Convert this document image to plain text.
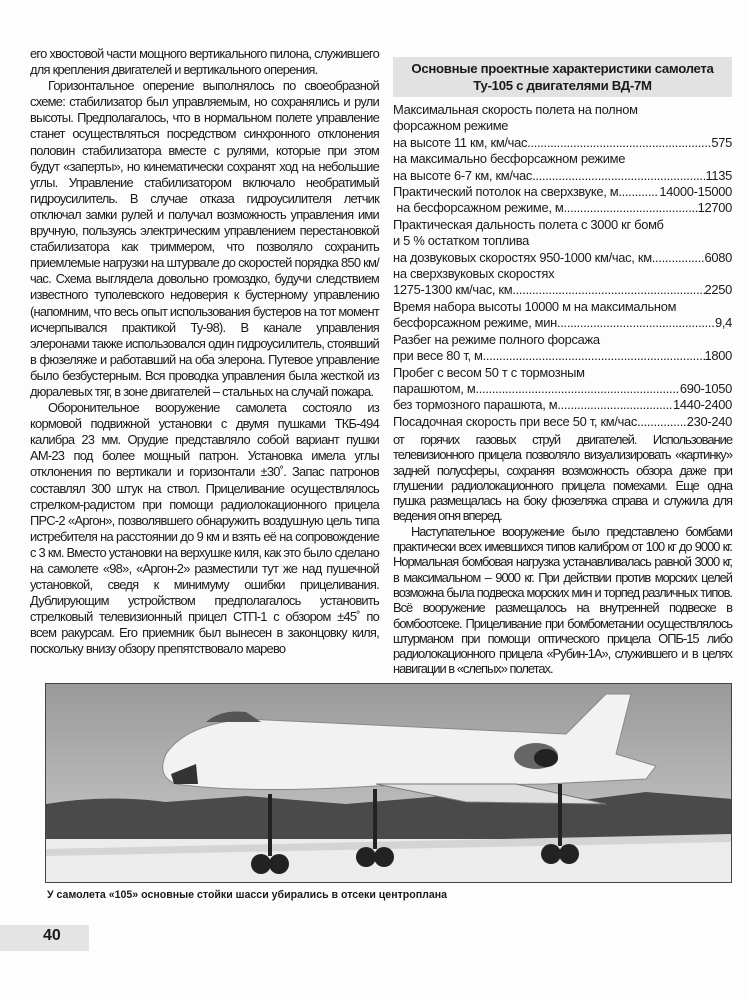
его хвостовой части мощного вертикального пилона, служившего для крепления двигателей и вертикального оперения.

Горизонтальное оперение выполнялось по своеобразной схеме: стабилизатор был управляемым, но сохранялись и рули высоты. Предполагалось, что в нормальном полете управление станет осуществляться посредством синхронного отклонения половин стабилизатора вместе с рулями, которые при этом будут «заперты», но кинематически сохранят ход на небольшие углы. Управление стабилизатором включало необратимый гидроусилитель. В случае отказа гидроусилителя летчик отключал замки рулей и получал возможность управления ими вручную, пользуясь электрическим управлением перестановкой стабилизатора как триммером, что позволяло сохранить приемлемые нагрузки на штурвале до скоростей порядка 850 км/час. Схема выглядела довольно громоздко, будучи следствием известного туполевского недоверия к бустерному управлению (напомним, что весь опыт использования бустеров на тот момент исчерпывался практикой Ту-98). В канале управления элеронами также использовался один гидроусилитель, стоявший в фюзеляже и работавший на оба элерона. Путевое управление было безбустерным. Вся проводка управления была жесткой из дюралевых тяг, в зоне двигателей – стальных на случай пожара.

Оборонительное вооружение самолета состояло из кормовой подвижной установки с двумя пушками ТКБ-494 калибра 23 мм. Орудие представляло собой вариант пушки АМ-23 под более мощный патрон. Установка имела углы отклонения по вертикали и горизонтали ±30˚. Запас патронов составлял 300 штук на ствол. Прицеливание осуществлялось стрелком-радистом при помощи радиолокационного прицела ПРС-2 «Аргон», позволявшего обнаружить воздушную цель типа истребителя на расстоянии до 9 км и взять её на сопровождение с 3 км. Вместо установки на верхушке киля, как это было сделано на самолете «98», «Аргон-2» разместили тут же над пушечной установкой, сведя к минимуму ошибки прицеливания. Дублирующим устройством предполагалось установить стрелковый телевизионный прицел СТП-1 с обзором ±45˚ по всем ракурсам. Его приемник был вынесен в законцовку киля, поскольку внизу обзору препятствовало марево

Основные проектные характеристики самолета
Ту-105 с двигателями ВД-7М
Максимальная скорость полета на полном
форсажном режиме
на высоте 11 км, км/час .....	575
на максимально бесфорсажном режиме
на высоте 6-7 км, км/час .....	1135
Практический потолок на сверхзвуке, м .....	14000-15000
на бесфорсажном режиме, м .....	12700
Практическая дальность полета с 3000 кг бомб
и 5 % остатком топлива
на дозвуковых скоростях 950-1000 км/час, км .....	6080
на сверхзвуковых скоростях
1275-1300 км/час, км .....	2250
Время набора высоты 10000 м на максимальном
бесфорсажном режиме, мин .....	9,4
Разбег на режиме полного форсажа
при весе 80 т, м .....	1800
Пробег с весом 50 т с тормозным
парашютом, м .....	690-1050
без тормозного парашюта, м .....	1440-2400
Посадочная скорость при весе 50 т, км/час .....	230-240

от горячих газовых струй двигателей. Использование телевизионного прицела позволяло визуализировать «картинку» задней полусферы, сохраняя возможность обзора даже при глушении радиолокационного прицела помехами. Еще одна пушка размещалась на боку фюзеляжа справа и служила для ведения огня вперед.

Наступательное вооружение было представлено бомбами практически всех имевшихся типов калибром от 100 кг до 9000 кг. Нормальная бомбовая нагрузка устанавливалась равной 3000 кг, в максимальном – 9000 кг. При действии против морских целей возможна была подвеска морских мин и торпед различных типов. Всё вооружение размещалось на внутренней подвеске в бомбоотсеке. Прицеливание при бомбометании осуществлялось штурманом при помощи оптического прицела ОПБ-15 либо радиолокационного прицела «Рубин-1А», служившего и в целях навигации в «слепых» полетах.

У самолета «105» основные стойки шасси убирались в отсеки центроплана
40
